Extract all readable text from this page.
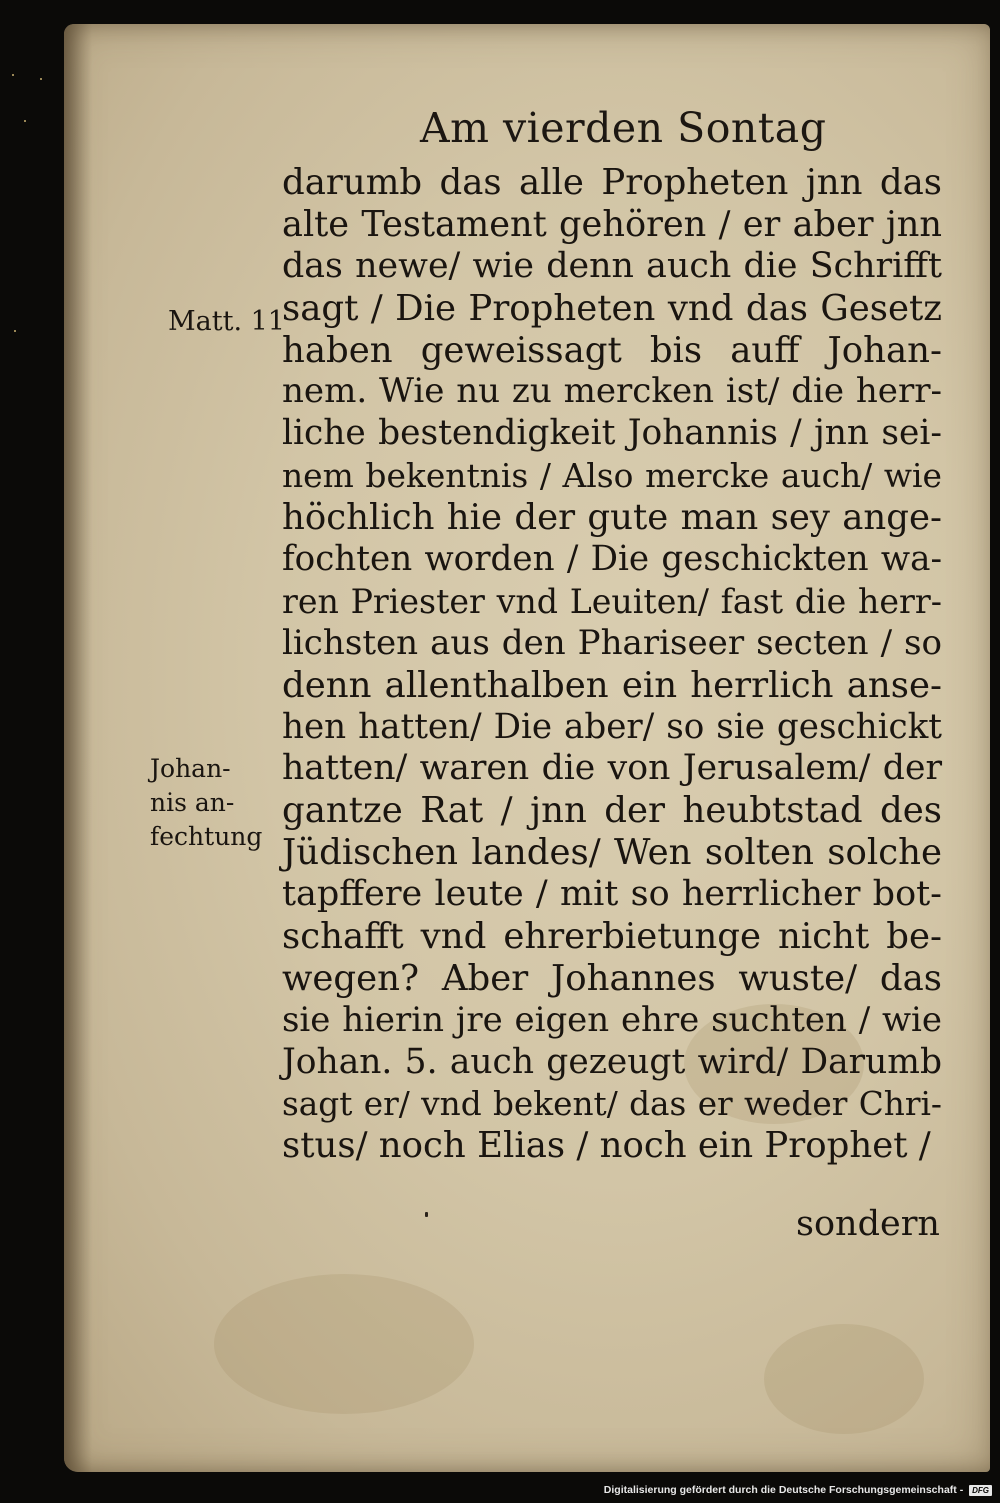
Am vierden Sontag
Matt. 11
Johan-
nis an-
fechtung
darumb das alle Propheten jnn das
alte Testament gehören / er aber jnn
das newe/ wie denn auch die Schrifft
sagt / Die Propheten vnd das Gesetz
haben geweissagt bis auff Johan-
nem. Wie nu zu mercken ist/ die herr-
liche bestendigkeit Johannis / jnn sei-
nem bekentnis / Also mercke auch/ wie
höchlich hie der gute man sey ange-
fochten worden / Die geschickten wa-
ren Priester vnd Leuiten/ fast die herr-
lichsten aus den Phariseer secten / so
denn allenthalben ein herrlich anse-
hen hatten/ Die aber/ so sie geschickt
hatten/ waren die von Jerusalem/ der
gantze Rat / jnn der heubtstad des
Jüdischen landes/ Wen solten solche
tapffere leute / mit so herrlicher bot-
schafft vnd ehrerbietunge nicht be-
wegen? Aber Johannes wuste/ das
sie hierin jre eigen ehre suchten / wie
Johan. 5. auch gezeugt wird/ Darumb
sagt er/ vnd bekent/ das er weder Chri-
stus/ noch Elias / noch ein Prophet /
sondern
Digitalisierung gefördert durch die Deutsche Forschungsgemeinschaft - DFG
